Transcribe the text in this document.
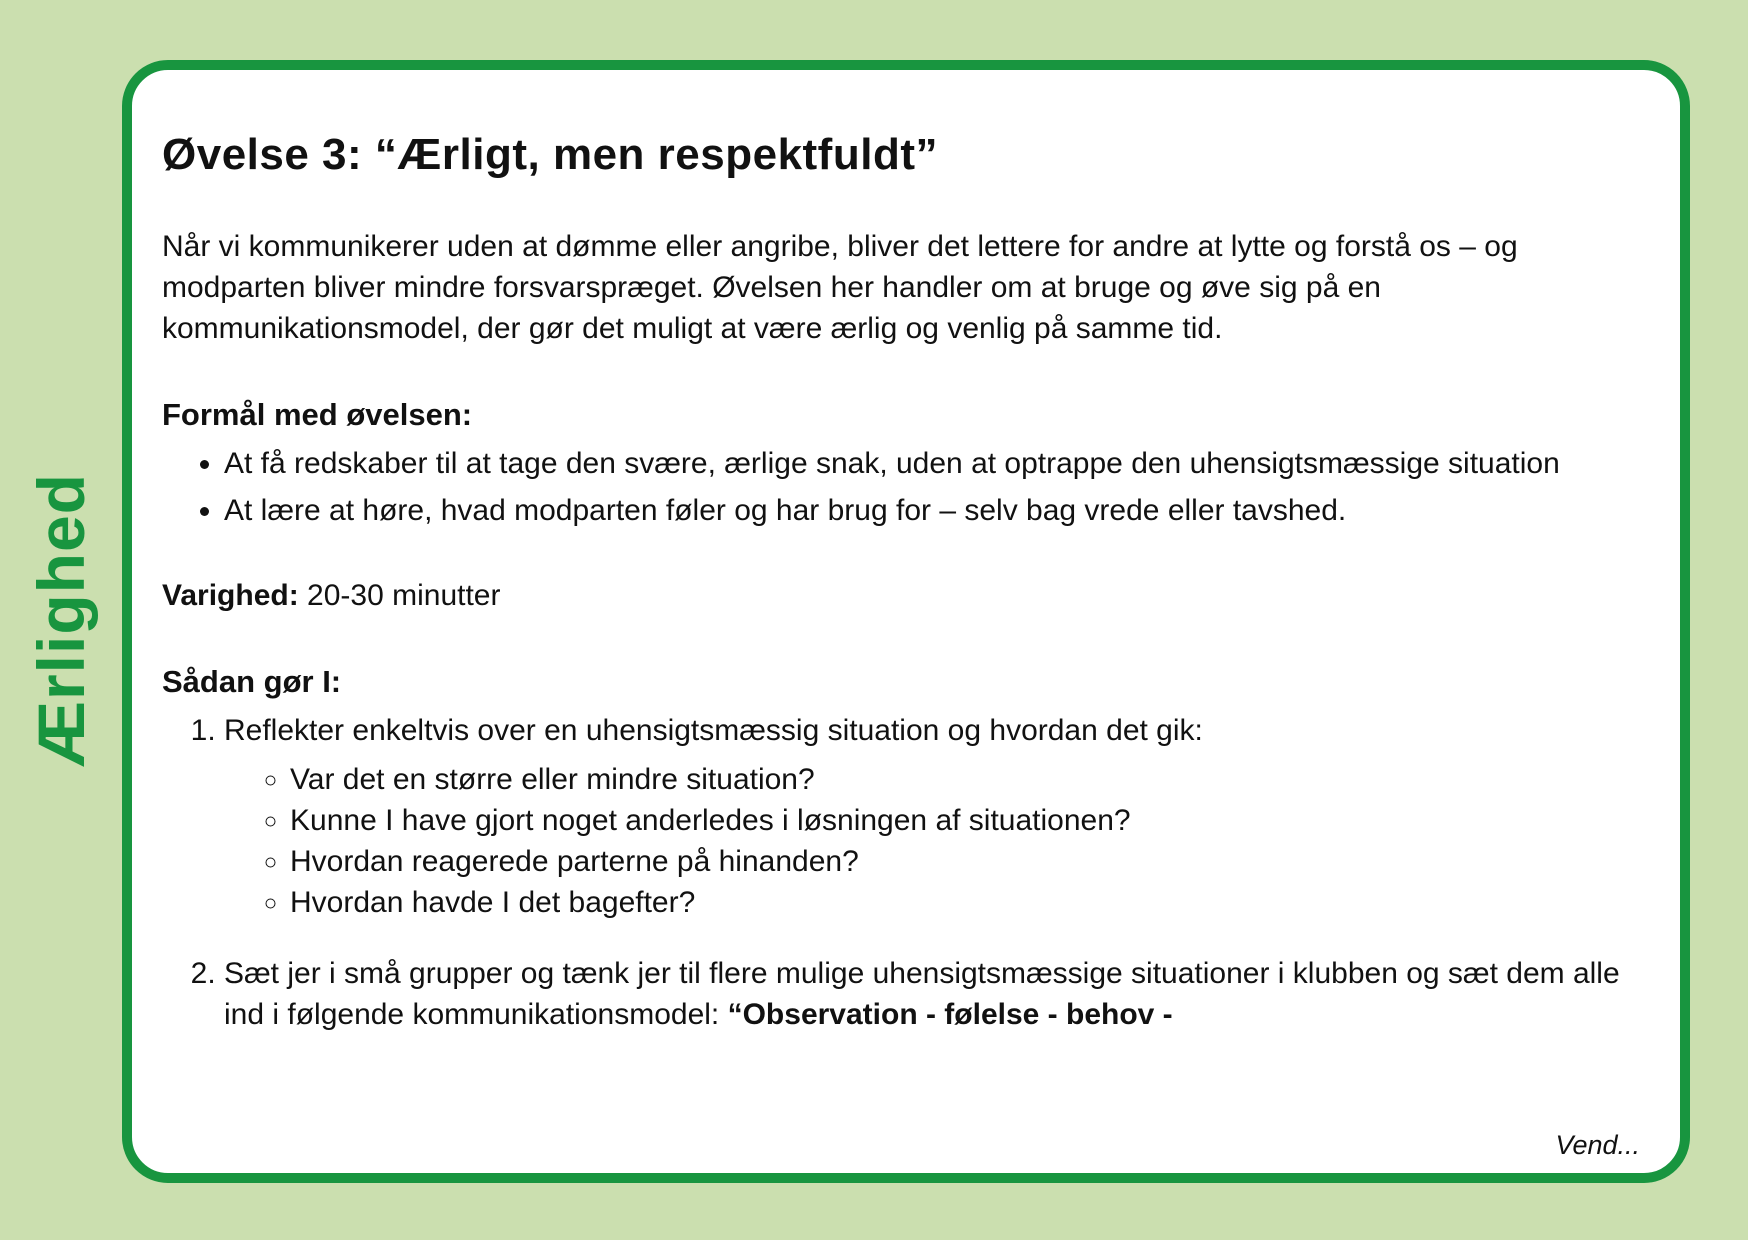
Ærlighed
Øvelse 3: “Ærligt, men respektfuldt”

Når vi kommunikerer uden at dømme eller angribe, bliver det lettere for andre at lytte og forstå os – og modparten bliver mindre forsvarspræget. Øvelsen her handler om at bruge og øve sig på en kommunikationsmodel, der gør det muligt at være ærlig og venlig på samme tid.

Formål med øvelsen:
• At få redskaber til at tage den svære, ærlige snak, uden at optrappe den uhensigtsmæssige situation
• At lære at høre, hvad modparten føler og har brug for – selv bag vrede eller tavshed.

Varighed: 20-30 minutter

Sådan gør I:
1. Reflekter enkeltvis over en uhensigtsmæssig situation og hvordan det gik:
◦ Var det en større eller mindre situation?
◦ Kunne I have gjort noget anderledes i løsningen af situationen?
◦ Hvordan reagerede parterne på hinanden?
◦ Hvordan havde I det bagefter?
2. Sæt jer i små grupper og tænk jer til flere mulige uhensigtsmæssige situationer i klubben og sæt dem alle ind i følgende kommunikationsmodel: “Observation - følelse - behov -
Vend...
